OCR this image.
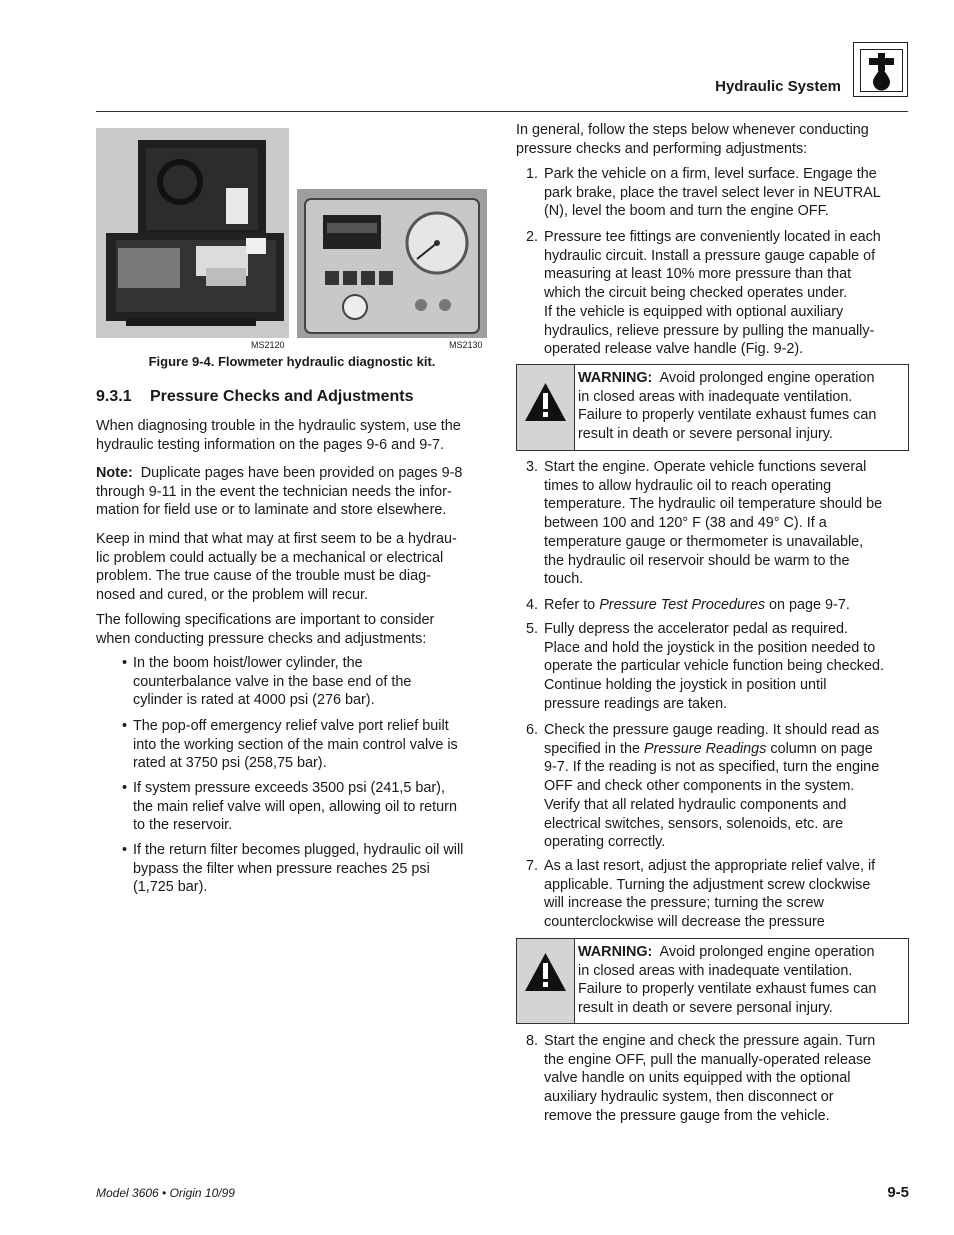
Hydraulic System
MS2120	MS2130
Figure 9-4. Flowmeter hydraulic diagnostic kit.
9.3.1 Pressure Checks and Adjustments
When diagnosing trouble in the hydraulic system, use the
hydraulic testing information on the pages 9-6 and 9-7.
Note: Duplicate pages have been provided on pages 9-8
through 9-11 in the event the technician needs the infor-
mation for field use or to laminate and store elsewhere.
Keep in mind that what may at first seem to be a hydrau-
lic problem could actually be a mechanical or electrical
problem. The true cause of the trouble must be diag-
nosed and cured, or the problem will recur.
The following specifications are important to consider
when conducting pressure checks and adjustments:
• In the boom hoist/lower cylinder, the
counterbalance valve in the base end of the
cylinder is rated at 4000 psi (276 bar).
• The pop-off emergency relief valve port relief built
into the working section of the main control valve is
rated at 3750 psi (258,75 bar).
• If system pressure exceeds 3500 psi (241,5 bar),
the main relief valve will open, allowing oil to return
to the reservoir.
• If the return filter becomes plugged, hydraulic oil will
bypass the filter when pressure reaches 25 psi
(1,725 bar).
In general, follow the steps below whenever conducting
pressure checks and performing adjustments:
1. Park the vehicle on a firm, level surface. Engage the
park brake, place the travel select lever in NEUTRAL
(N), level the boom and turn the engine OFF.
2. Pressure tee fittings are conveniently located in each
hydraulic circuit. Install a pressure gauge capable of
measuring at least 10% more pressure than that
which the circuit being checked operates under.
If the vehicle is equipped with optional auxiliary
hydraulics, relieve pressure by pulling the manually-
operated release valve handle (Fig. 9-2).
WARNING: Avoid prolonged engine operation
in closed areas with inadequate ventilation.
Failure to properly ventilate exhaust fumes can
result in death or severe personal injury.
3. Start the engine. Operate vehicle functions several
times to allow hydraulic oil to reach operating
temperature. The hydraulic oil temperature should be
between 100 and 120° F (38 and 49° C). If a
temperature gauge or thermometer is unavailable,
the hydraulic oil reservoir should be warm to the
touch.
4. Refer to Pressure Test Procedures on page 9-7.
5. Fully depress the accelerator pedal as required.
Place and hold the joystick in the position needed to
operate the particular vehicle function being checked.
Continue holding the joystick in position until
pressure readings are taken.
6. Check the pressure gauge reading. It should read as
specified in the Pressure Readings column on page
9-7. If the reading is not as specified, turn the engine
OFF and check other components in the system.
Verify that all related hydraulic components and
electrical switches, sensors, solenoids, etc. are
operating correctly.
7. As a last resort, adjust the appropriate relief valve, if
applicable. Turning the adjustment screw clockwise
will increase the pressure; turning the screw
counterclockwise will decrease the pressure
WARNING: Avoid prolonged engine operation
in closed areas with inadequate ventilation.
Failure to properly ventilate exhaust fumes can
result in death or severe personal injury.
8. Start the engine and check the pressure again. Turn
the engine OFF, pull the manually-operated release
valve handle on units equipped with the optional
auxiliary hydraulic system, then disconnect or
remove the pressure gauge from the vehicle.
Model 3606 • Origin 10/99	9-5
